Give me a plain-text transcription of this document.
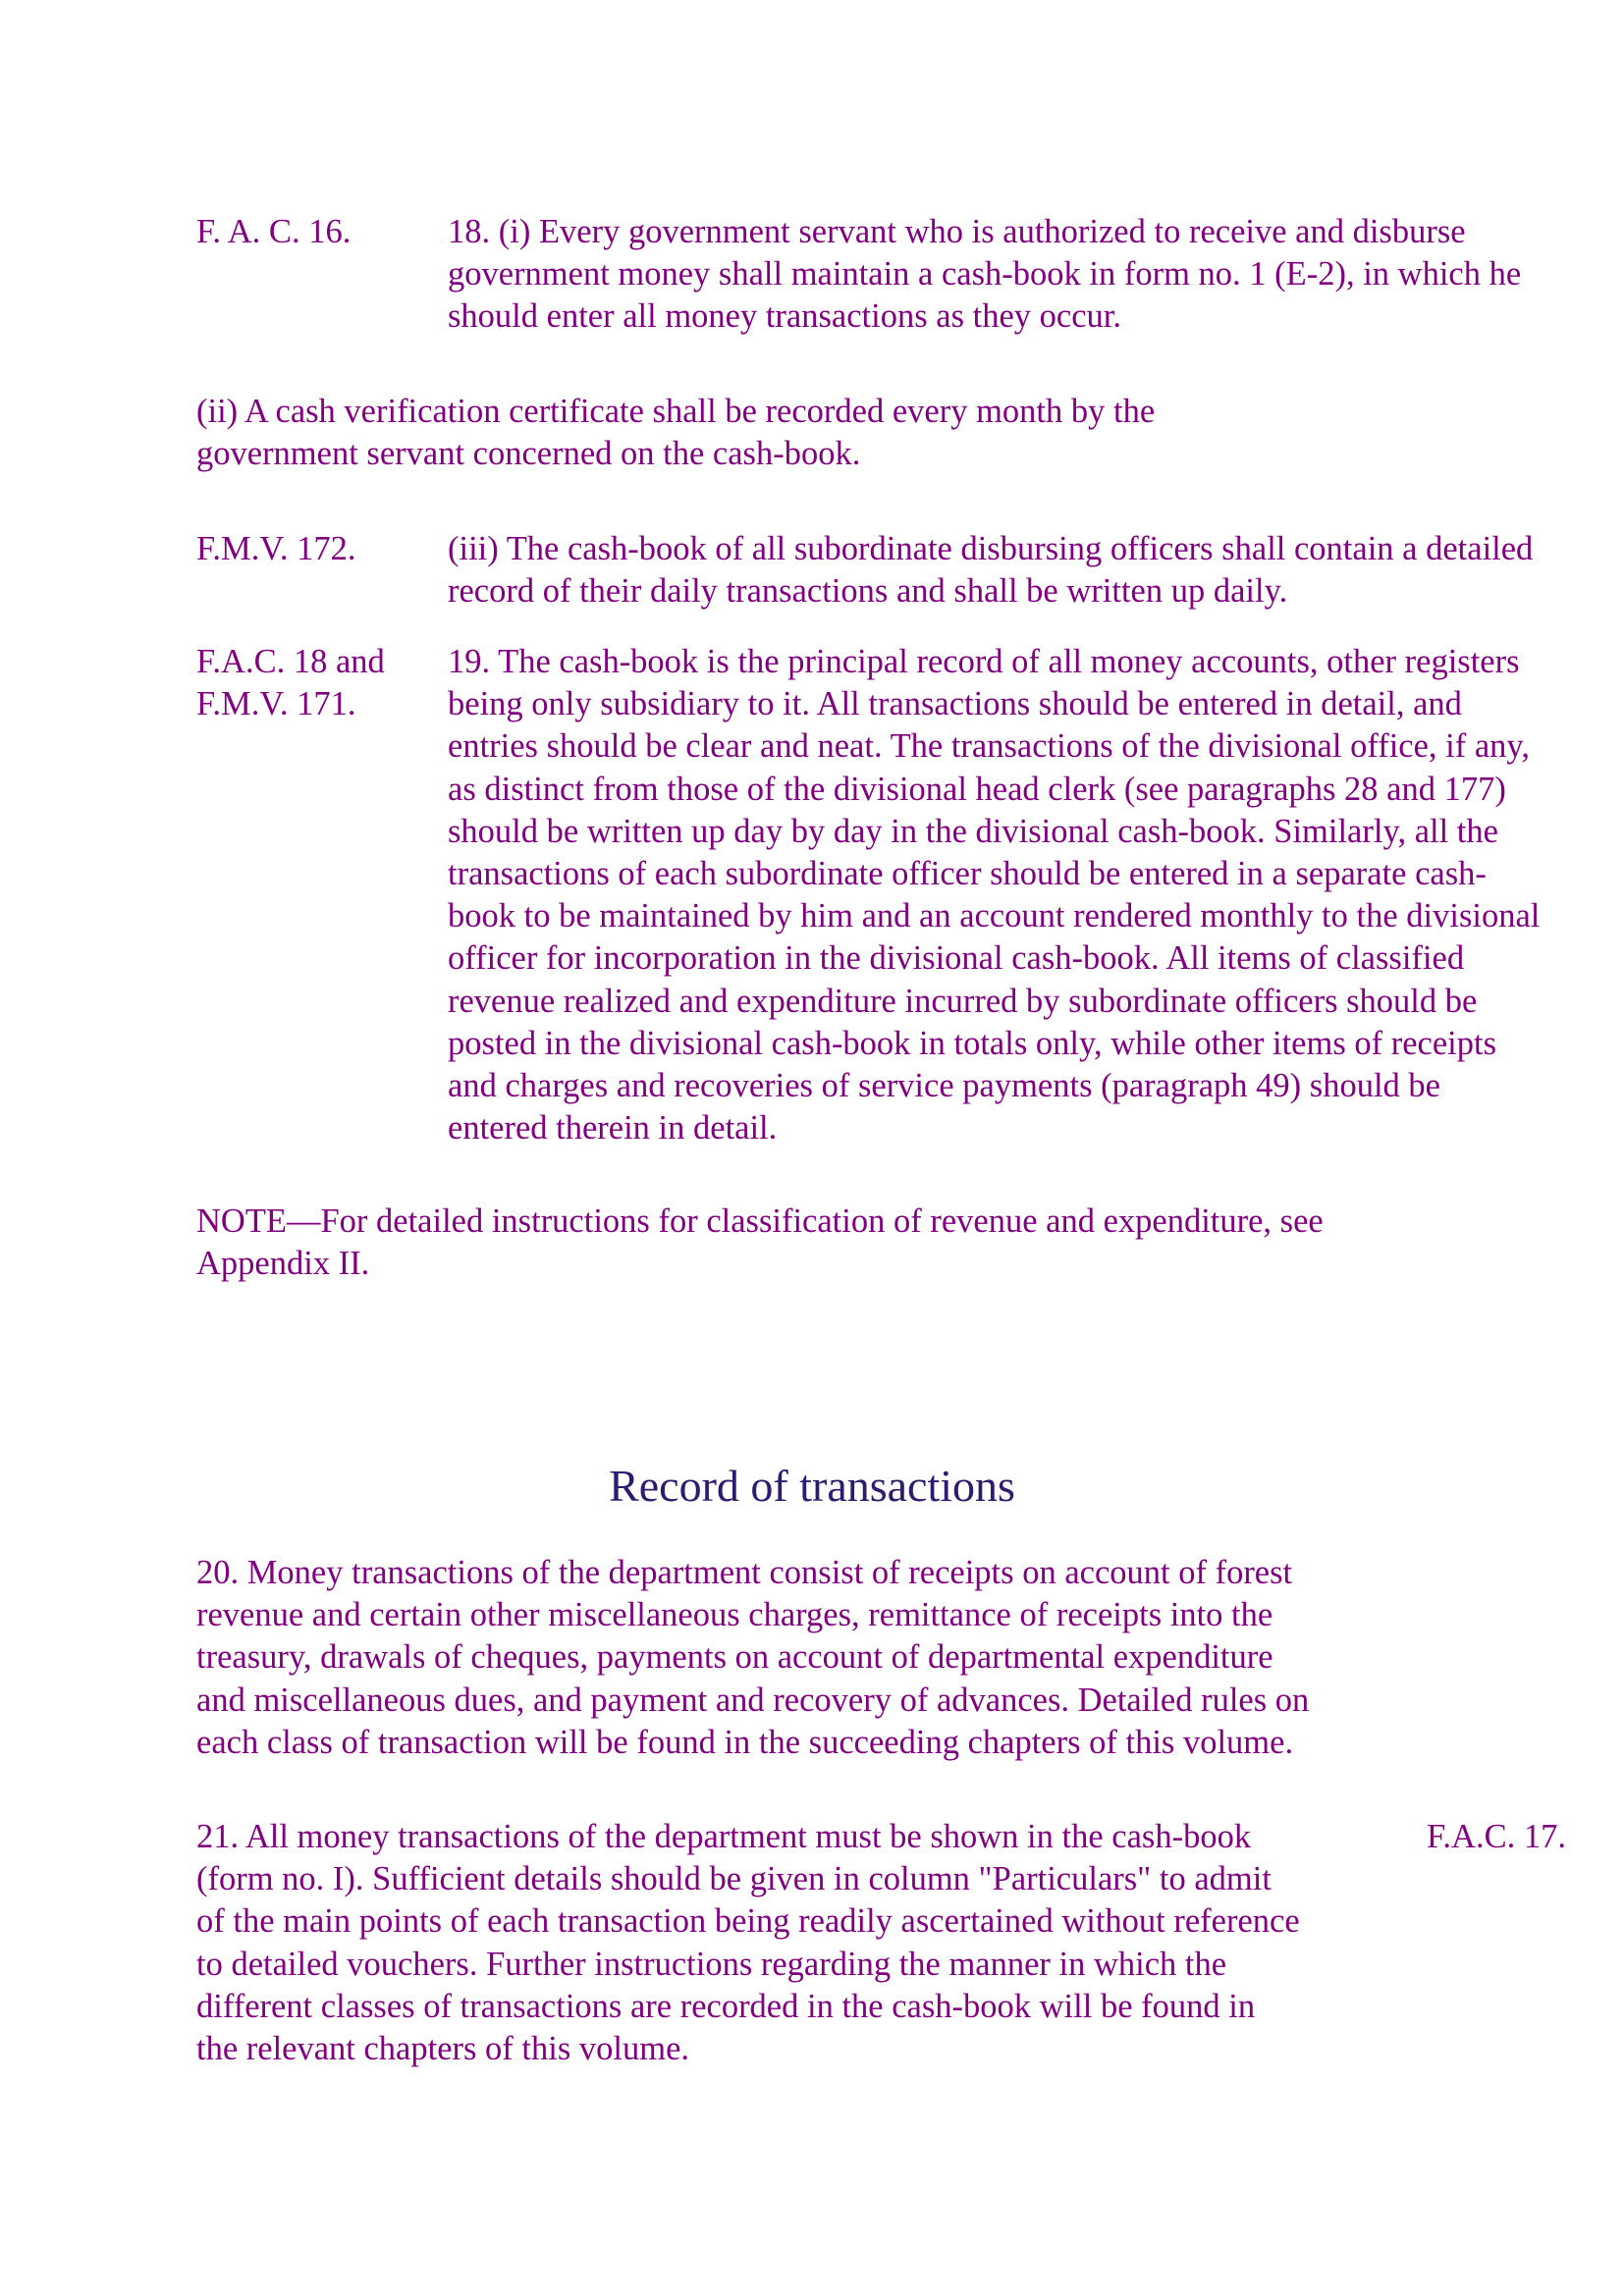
F. A. C. 16.	18. (i) Every government servant who is authorized to receive and disburse
government money shall maintain a cash-book in form no. 1 (E-2), in which he
should enter all money transactions as they occur.
(ii) A cash verification certificate shall be recorded every month by the
government servant concerned on the cash-book.
F.M.V. 172.	(iii) The cash-book of all subordinate disbursing officers shall contain a detailed
record of their daily transactions and shall be written up daily.
F.A.C. 18 and
F.M.V. 171.
19. The cash-book is the principal record of all money accounts, other registers
being only subsidiary to it. All transactions should be entered in detail, and
entries should be clear and neat. The transactions of the divisional office, if any,
as distinct from those of the divisional head clerk (see paragraphs 28 and 177)
should be written up day by day in the divisional cash-book. Similarly, all the
transactions of each subordinate officer should be entered in a separate cash-
book to be maintained by him and an account rendered monthly to the divisional
officer for incorporation in the divisional cash-book. All items of classified
revenue realized and expenditure incurred by subordinate officers should be
posted in the divisional cash-book in totals only, while other items of receipts
and charges and recoveries of service payments (paragraph 49) should be
entered therein in detail.
NOTE—For detailed instructions for classification of revenue and expenditure, see
Appendix II.
Record of transactions
20. Money transactions of the department consist of receipts on account of forest
revenue and certain other miscellaneous charges, remittance of receipts into the
treasury, drawals of cheques, payments on account of departmental expenditure
and miscellaneous dues, and payment and recovery of advances. Detailed rules on
each class of transaction will be found in the succeeding chapters of this volume.
21. All money transactions of the department must be shown in the cash-book
(form no. I). Sufficient details should be given in column "Particulars" to admit
of the main points of each transaction being readily ascertained without reference
to detailed vouchers. Further instructions regarding the manner in which the
different classes of transactions are recorded in the cash-book will be found in
the relevant chapters of this volume.
F.A.C. 17.
